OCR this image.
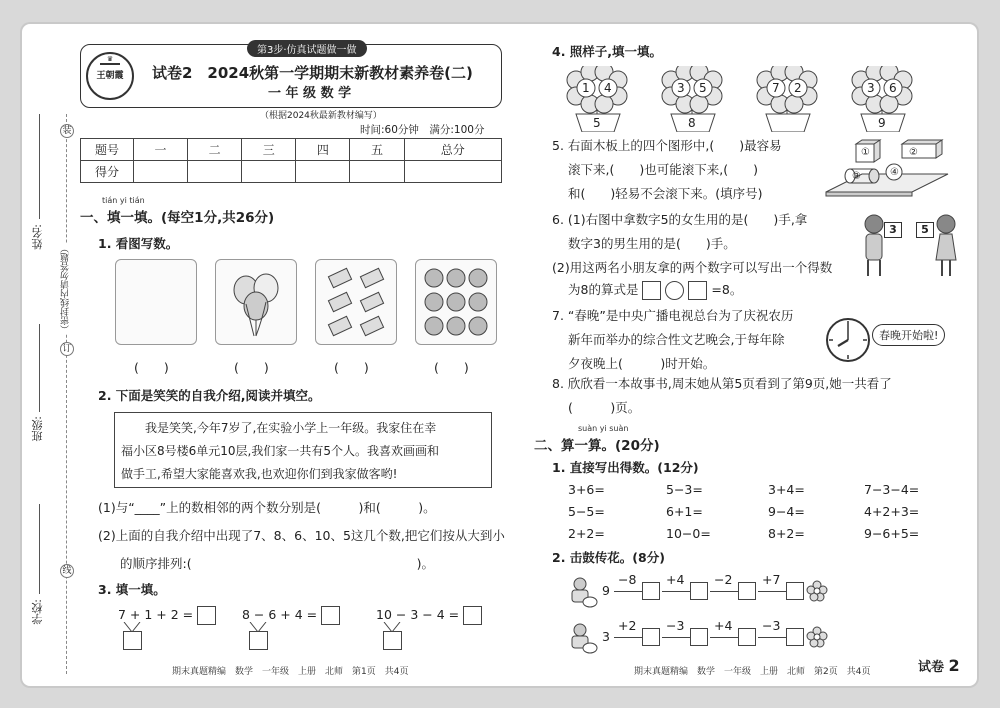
姓名:
班级:
学校:
装
（密封线内请勿答题）
订
线
第3步·仿真试题做一做
♛
王朝霞	试卷2　2024秋第一学期期末新教材素养卷(二)
一 年 级 数 学
（根据2024秋最新教材编写）
时间:60分钟　满分:100分
题号	一	二	三	四	五	总分
得分						
tián yi tián
一、填一填。(每空1分,共26分)
1. 看图写数。
(　　)	(　　)	(　　)	(　　)
2. 下面是笑笑的自我介绍,阅读并填空。
我是笑笑,今年7岁了,在实验小学上一年级。我家住在幸
福小区8号楼6单元10层,我们家一共有5个人。我喜欢画画和
做手工,希望大家能喜欢我,也欢迎你们到我家做客哟!
(1)与“____”上的数相邻的两个数分别是(　　　)和(　　　)。
(2)上面的自我介绍中出现了7、8、6、10、5这几个数,把它们按从大到小
的顺序排列:(　　　　　　　　　　　　　　　　　　)。
3. 填一填。
7 + 1 + 2 =	8 − 6 + 4 =	10 − 3 − 4 =
期末真题精编　数学　一年级　上册　北师　第1页　共4页
4. 照样子,填一填。
5. 右面木板上的四个图形中,(　　)最容易
滚下来,(　　)也可能滚下来,(　　)
和(　　)轻易不会滚下来。(填序号)
①	②
③	④
6. (1)右图中拿数字5的女生用的是(　　)手,拿
数字3的男生用的是(　　)手。
(2)用这两名小朋友拿的两个数字可以写出一个得数
为8的算式是	=8。
3	5
7. “春晚”是中央广播电视总台为了庆祝农历
新年而举办的综合性文艺晚会,于每年除
夕夜晚上(　　　)时开始。
春晚开始啦!
8. 欣欣看一本故事书,周末她从第5页看到了第9页,她一共看了
(　　　)页。
suàn yi suàn
二、算一算。(20分)
1. 直接写出得数。(12分)
2. 击鼓传花。(8分)
期末真题精编　数学　一年级　上册　北师　第2页　共4页	试卷 2
1 4
5
3 5
8
7 2	3 6
9
3+6=	5−3=	3+4=	7−3−4=
5−5=	6+1=	9−4=	4+2+3=
2+2=	10−0=	8+2=	9−6+5=
9
−8 +4 −2 +7
3
+2 −3 +4 −3
